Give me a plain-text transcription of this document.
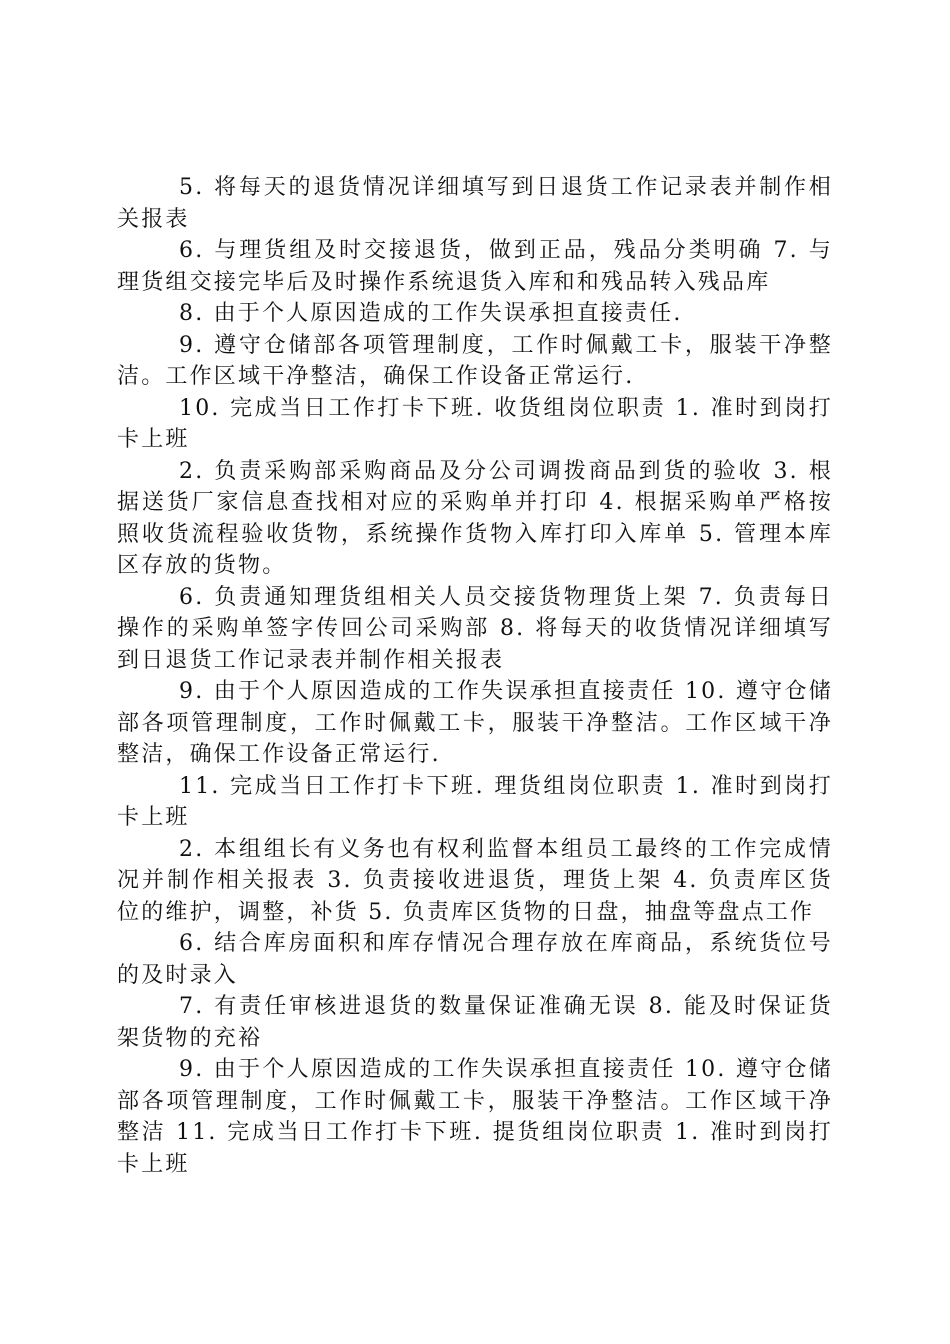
5. 将每天的退货情况详细填写到日退货工作记录表并制作相关报表

6. 与理货组及时交接退货，做到正品，残品分类明确 7. 与理货组交接完毕后及时操作系统退货入库和和残品转入残品库

8. 由于个人原因造成的工作失误承担直接责任.

9. 遵守仓储部各项管理制度，工作时佩戴工卡，服装干净整洁。工作区域干净整洁，确保工作设备正常运行.

10. 完成当日工作打卡下班. 收货组岗位职责 1. 准时到岗打卡上班

2. 负责采购部采购商品及分公司调拨商品到货的验收 3. 根据送货厂家信息查找相对应的采购单并打印 4. 根据采购单严格按照收货流程验收货物，系统操作货物入库打印入库单 5. 管理本库区存放的货物。

6. 负责通知理货组相关人员交接货物理货上架 7. 负责每日操作的采购单签字传回公司采购部 8. 将每天的收货情况详细填写到日退货工作记录表并制作相关报表

9. 由于个人原因造成的工作失误承担直接责任 10. 遵守仓储部各项管理制度，工作时佩戴工卡，服装干净整洁。工作区域干净整洁，确保工作设备正常运行.

11. 完成当日工作打卡下班. 理货组岗位职责 1. 准时到岗打卡上班

2. 本组组长有义务也有权利监督本组员工最终的工作完成情况并制作相关报表 3. 负责接收进退货，理货上架 4. 负责库区货位的维护，调整，补货 5. 负责库区货物的日盘，抽盘等盘点工作

6. 结合库房面积和库存情况合理存放在库商品，系统货位号的及时录入

7. 有责任审核进退货的数量保证准确无误 8. 能及时保证货架货物的充裕

9. 由于个人原因造成的工作失误承担直接责任 10. 遵守仓储部各项管理制度，工作时佩戴工卡，服装干净整洁。工作区域干净整洁 11. 完成当日工作打卡下班. 提货组岗位职责 1. 准时到岗打卡上班
